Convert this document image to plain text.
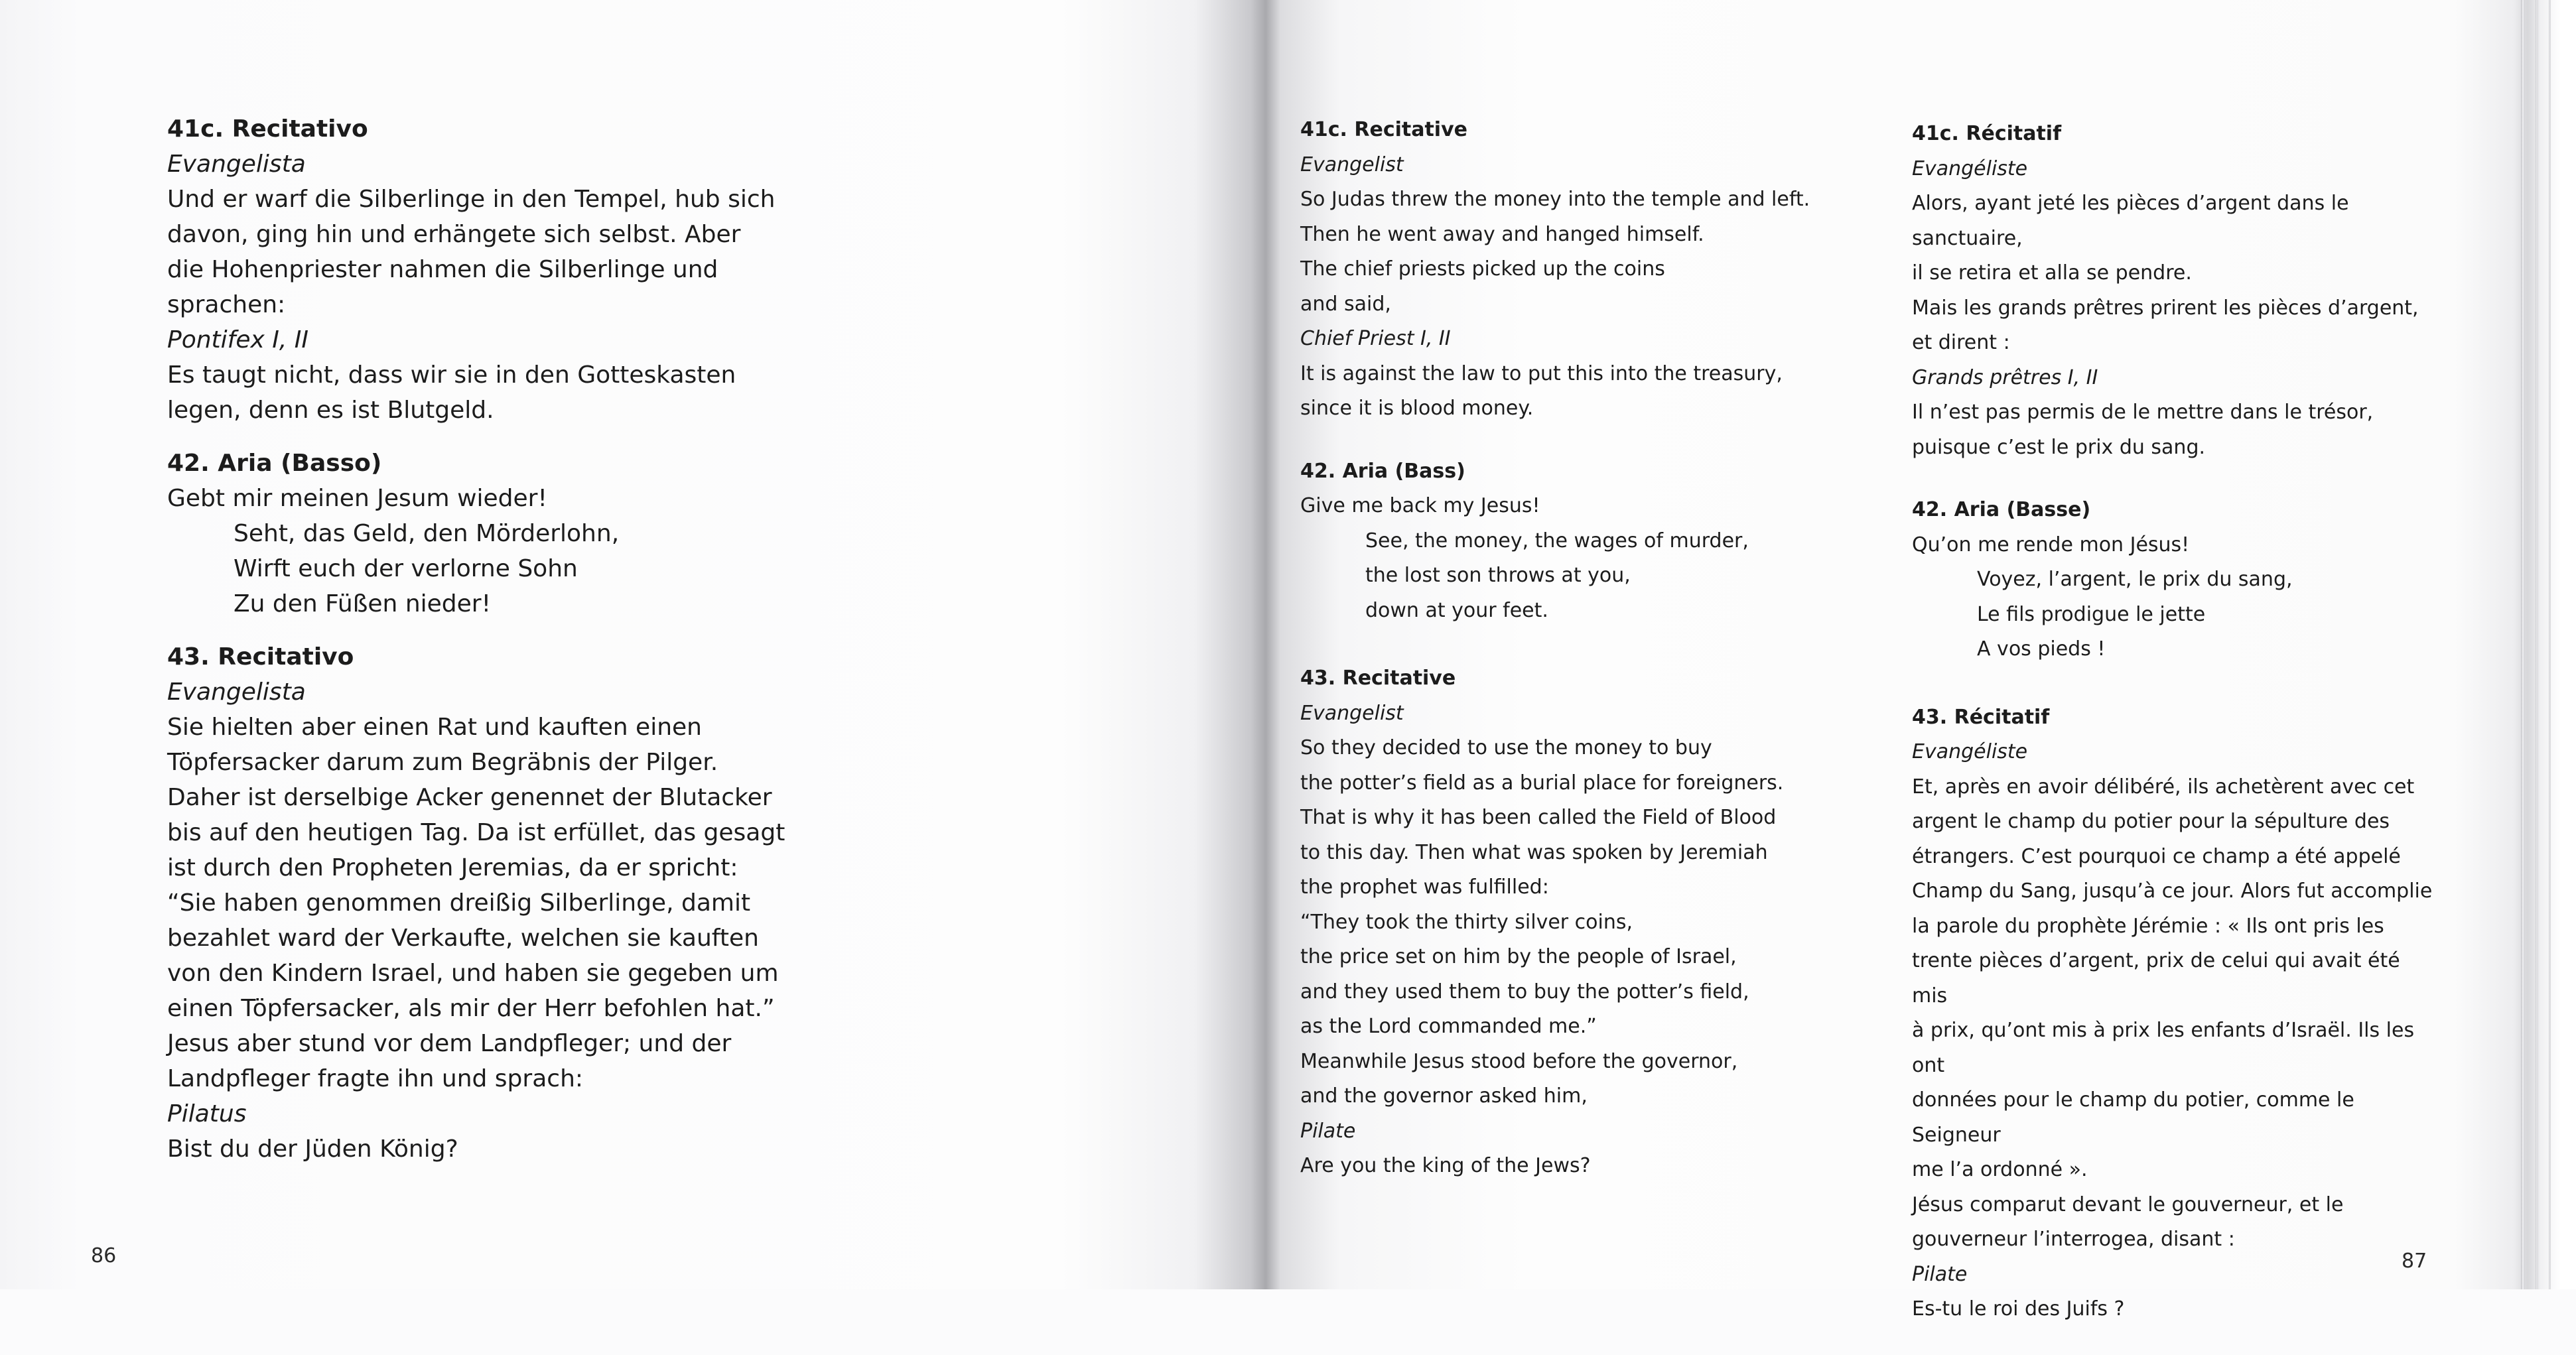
41c. Recitativo
Evangelista
Und er warf die Silberlinge in den Tempel, hub sich
davon, ging hin und erhängete sich selbst. Aber
die Hohenpriester nahmen die Silberlinge und
sprachen:
Pontifex I, II
Es taugt nicht, dass wir sie in den Gotteskasten
legen, denn es ist Blutgeld.
42. Aria (Basso)
Gebt mir meinen Jesum wieder!
Seht, das Geld, den Mörderlohn,
Wirft euch der verlorne Sohn
Zu den Füßen nieder!
43. Recitativo
Evangelista
Sie hielten aber einen Rat und kauften einen
Töpfersacker darum zum Begräbnis der Pilger.
Daher ist derselbige Acker genennet der Blutacker
bis auf den heutigen Tag. Da ist erfüllet, das gesagt
ist durch den Propheten Jeremias, da er spricht:
“Sie haben genommen dreißig Silberlinge, damit
bezahlet ward der Verkaufte, welchen sie kauften
von den Kindern Israel, und haben sie gegeben um
einen Töpfersacker, als mir der Herr befohlen hat.”
Jesus aber stund vor dem Landpfleger; und der
Landpfleger fragte ihn und sprach:
Pilatus
Bist du der Jüden König?
41c. Recitative
Evangelist
So Judas threw the money into the temple and left.
Then he went away and hanged himself.
The chief priests picked up the coins
and said,
Chief Priest I, II
It is against the law to put this into the treasury,
since it is blood money.
42. Aria (Bass)
Give me back my Jesus!
See, the money, the wages of murder,
the lost son throws at you,
down at your feet.
43. Recitative
Evangelist
So they decided to use the money to buy
the potter’s field as a burial place for foreigners.
That is why it has been called the Field of Blood
to this day. Then what was spoken by Jeremiah
the prophet was fulfilled:
“They took the thirty silver coins,
the price set on him by the people of Israel,
and they used them to buy the potter’s field,
as the Lord commanded me.”
Meanwhile Jesus stood before the governor,
and the governor asked him,
Pilate
Are you the king of the Jews?
41c. Récitatif
Evangéliste
Alors, ayant jeté les pièces d’argent dans le sanctuaire,
il se retira et alla se pendre.
Mais les grands prêtres prirent les pièces d’argent,
et dirent :
Grands prêtres I, II
Il n’est pas permis de le mettre dans le trésor,
puisque c’est le prix du sang.
42. Aria (Basse)
Qu’on me rende mon Jésus!
Voyez, l’argent, le prix du sang,
Le fils prodigue le jette
A vos pieds !
43. Récitatif
Evangéliste
Et, après en avoir délibéré, ils achetèrent avec cet
argent le champ du potier pour la sépulture des
étrangers. C’est pourquoi ce champ a été appelé
Champ du Sang, jusqu’à ce jour. Alors fut accomplie
la parole du prophète Jérémie : « Ils ont pris les
trente pièces d’argent, prix de celui qui avait été mis
à prix, qu’ont mis à prix les enfants d’Israël. Ils les ont
données pour le champ du potier, comme le Seigneur
me l’a ordonné ».
Jésus comparut devant le gouverneur, et le
gouverneur l’interrogea, disant :
Pilate
Es-tu le roi des Juifs ?
86	87
